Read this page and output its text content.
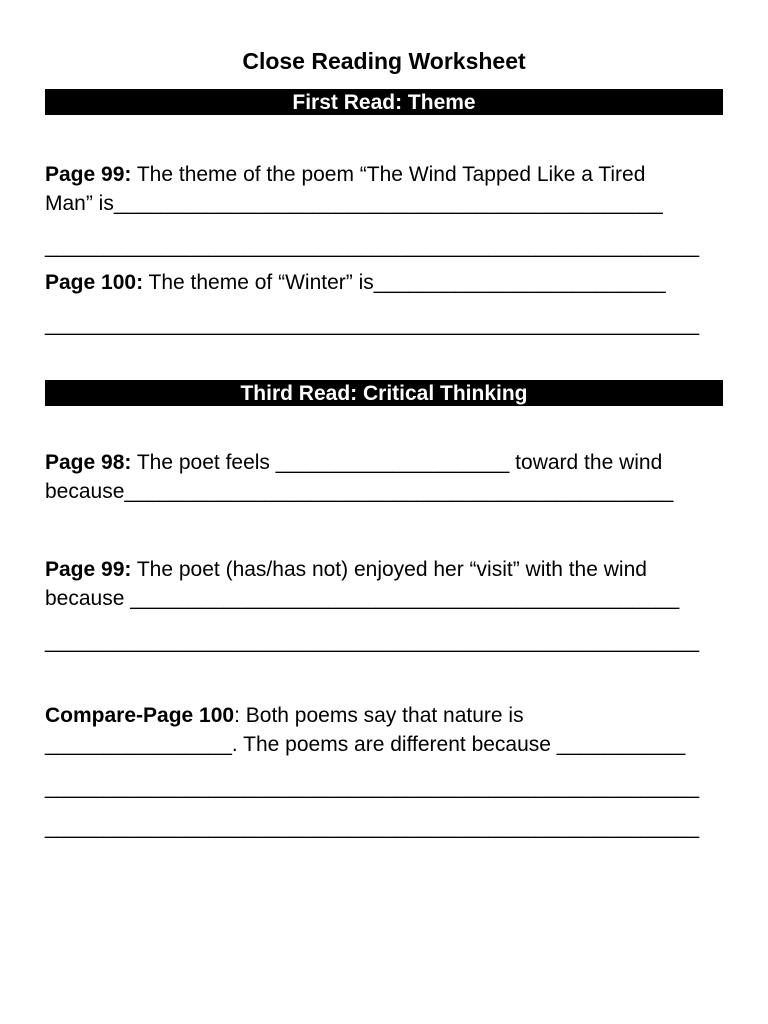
Close Reading Worksheet
First Read: Theme
Page 99: The theme of the poem “The Wind Tapped Like a Tired
Man” is_______________________________________________
________________________________________________________
Page 100: The theme of “Winter” is_________________________
________________________________________________________
Third Read: Critical Thinking
Page 98: The poet feels ____________________ toward the wind
because_______________________________________________
Page 99: The poet (has/has not) enjoyed her “visit” with the wind
because _______________________________________________
________________________________________________________
Compare-Page 100: Both poems say that nature is
________________. The poems are different because ___________
________________________________________________________
________________________________________________________
